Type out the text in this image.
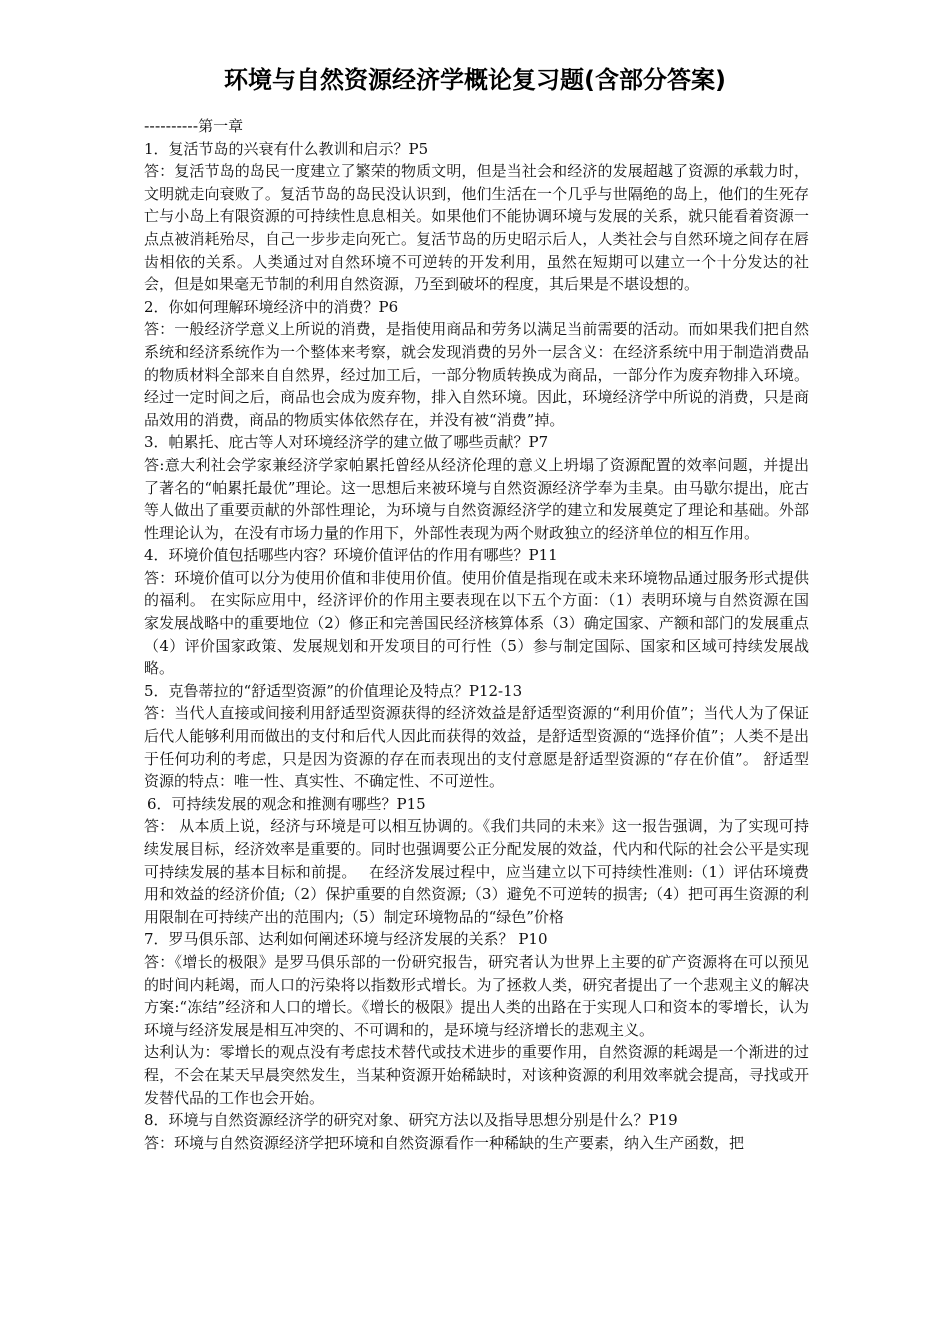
环境与自然资源经济学概论复习题(含部分答案)

----------第一章

1．复活节岛的兴衰有什么教训和启示？P5

答：复活节岛的岛民一度建立了繁荣的物质文明，但是当社会和经济的发展超越了资源的承载力时，文明就走向衰败了。复活节岛的岛民没认识到，他们生活在一个几乎与世隔绝的岛上，他们的生死存亡与小岛上有限资源的可持续性息息相关。如果他们不能协调环境与发展的关系，就只能看着资源一点点被消耗殆尽，自己一步步走向死亡。复活节岛的历史昭示后人，人类社会与自然环境之间存在唇齿相依的关系。人类通过对自然环境不可逆转的开发利用，虽然在短期可以建立一个十分发达的社会，但是如果毫无节制的利用自然资源，乃至到破坏的程度，其后果是不堪设想的。

2．你如何理解环境经济中的消费？P6

答：一般经济学意义上所说的消费，是指使用商品和劳务以满足当前需要的活动。而如果我们把自然系统和经济系统作为一个整体来考察，就会发现消费的另外一层含义：在经济系统中用于制造消费品的物质材料全部来自自然界，经过加工后，一部分物质转换成为商品，一部分作为废弃物排入环境。经过一定时间之后，商品也会成为废弃物，排入自然环境。因此，环境经济学中所说的消费，只是商品效用的消费，商品的物质实体依然存在，并没有被“消费”掉。

3．帕累托、庇古等人对环境经济学的建立做了哪些贡献？P7

答:意大利社会学家兼经济学家帕累托曾经从经济伦理的意义上坍塌了资源配置的效率问题，并提出了著名的“帕累托最优”理论。这一思想后来被环境与自然资源经济学奉为圭臬。由马歇尔提出，庇古等人做出了重要贡献的外部性理论，为环境与自然资源经济学的建立和发展奠定了理论和基础。外部性理论认为，在没有市场力量的作用下，外部性表现为两个财政独立的经济单位的相互作用。

4．环境价值包括哪些内容？环境价值评估的作用有哪些？P11

答：环境价值可以分为使用价值和非使用价值。使用价值是指现在或未来环境物品通过服务形式提供的福利。 在实际应用中，经济评价的作用主要表现在以下五个方面：（1）表明环境与自然资源在国家发展战略中的重要地位（2）修正和完善国民经济核算体系（3）确定国家、产额和部门的发展重点（4）评价国家政策、发展规划和开发项目的可行性（5）参与制定国际、国家和区域可持续发展战略。

5．克鲁蒂拉的“舒适型资源”的价值理论及特点？P12-13

答：当代人直接或间接利用舒适型资源获得的经济效益是舒适型资源的“利用价值”；当代人为了保证后代人能够利用而做出的支付和后代人因此而获得的效益，是舒适型资源的“选择价值”；人类不是出于任何功利的考虑，只是因为资源的存在而表现出的支付意愿是舒适型资源的“存在价值”。 舒适型资源的特点：唯一性、真实性、不确定性、不可逆性。

6．可持续发展的观念和推测有哪些？P15

答： 从本质上说，经济与环境是可以相互协调的。《我们共同的未来》这一报告强调，为了实现可持续发展目标，经济效率是重要的。同时也强调要公正分配发展的效益，代内和代际的社会公平是实现可持续发展的基本目标和前提。　 在经济发展过程中，应当建立以下可持续性准则:（1）评估环境费用和效益的经济价值;（2）保护重要的自然资源;（3）避免不可逆转的损害;（4）把可再生资源的利用限制在可持续产出的范围内;（5）制定环境物品的“绿色”价格

7．罗马俱乐部、达利如何阐述环境与经济发展的关系？ P10

答：《增长的极限》是罗马俱乐部的一份研究报告，研究者认为世界上主要的矿产资源将在可以预见的时间内耗竭，而人口的污染将以指数形式增长。为了拯救人类，研究者提出了一个悲观主义的解决方案:“冻结”经济和人口的增长。《增长的极限》提出人类的出路在于实现人口和资本的零增长，认为环境与经济发展是相互冲突的、不可调和的，是环境与经济增长的悲观主义。

达利认为：零增长的观点没有考虑技术替代或技术进步的重要作用，自然资源的耗竭是一个渐进的过程，不会在某天早晨突然发生，当某种资源开始稀缺时，对该种资源的利用效率就会提高，寻找或开发替代品的工作也会开始。

8．环境与自然资源经济学的研究对象、研究方法以及指导思想分别是什么？P19

答：环境与自然资源经济学把环境和自然资源看作一种稀缺的生产要素，纳入生产函数，把
